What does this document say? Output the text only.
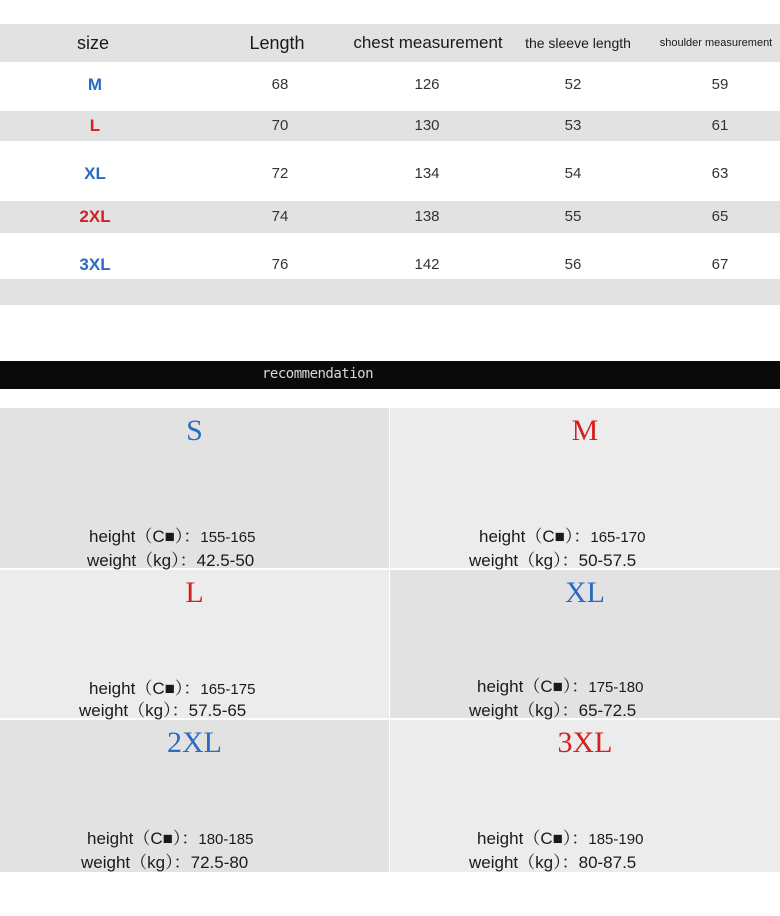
size	Length	chest measurement	the sleeve length	shoulder measurement
M	68	126	52	59
L	70	130	53	61
XL	72	134	54	63
2XL	74	138	55	65
3XL	76	142	56	67
recommendation
S
height（C■）：155-165
weight（kg）：42.5-50
M
height（C■）：165-170
weight（kg）：50-57.5
L
height（C■）：165-175
weight（kg）：57.5-65
XL
height（C■）：175-180
weight（kg）：65-72.5
2XL
height（C■）：180-185
weight（kg）：72.5-80
3XL
height（C■）：185-190
weight（kg）：80-87.5
